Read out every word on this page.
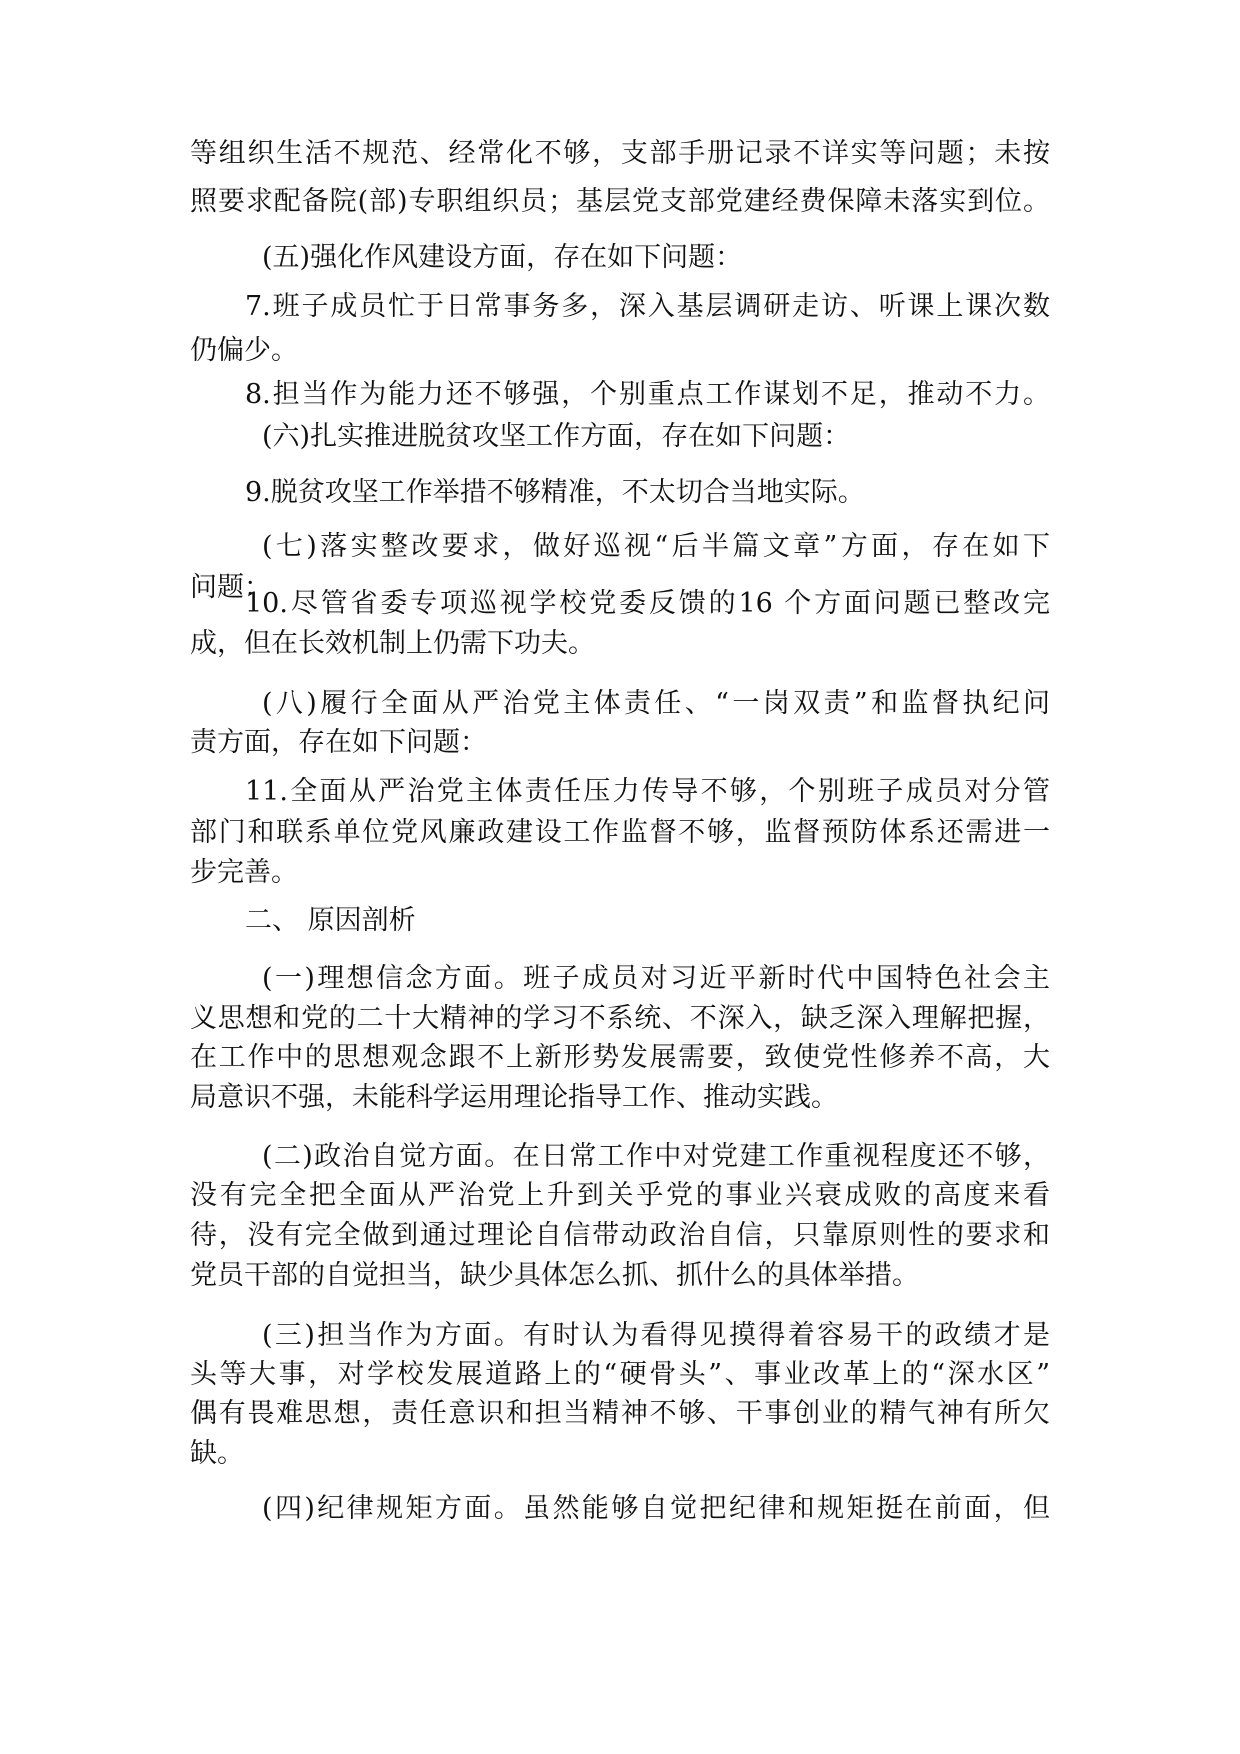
等组织生活不规范、经常化不够，支部手册记录不详实等问题；未按

照要求配备院(部)专职组织员；基层党支部党建经费保障未落实到位。

(五)强化作风建设方面，存在如下问题：

7.班子成员忙于日常事务多，深入基层调研走访、听课上课次数

仍偏少。

8.担当作为能力还不够强，个别重点工作谋划不足，推动不力。

(六)扎实推进脱贫攻坚工作方面，存在如下问题：

9.脱贫攻坚工作举措不够精准，不太切合当地实际。

(七)落实整改要求，做好巡视“后半篇文章”方面，存在如下

问题：

10.尽管省委专项巡视学校党委反馈的16 个方面问题已整改完

成，但在长效机制上仍需下功夫。

(八)履行全面从严治党主体责任、“一岗双责”和监督执纪问

责方面，存在如下问题：

11.全面从严治党主体责任压力传导不够，个别班子成员对分管

部门和联系单位党风廉政建设工作监督不够，监督预防体系还需进一

步完善。

二、 原因剖析

(一)理想信念方面。班子成员对习近平新时代中国特色社会主

义思想和党的二十大精神的学习不系统、不深入，缺乏深入理解把握，

在工作中的思想观念跟不上新形势发展需要，致使党性修养不高，大

局意识不强，未能科学运用理论指导工作、推动实践。

(二)政治自觉方面。在日常工作中对党建工作重视程度还不够，

没有完全把全面从严治党上升到关乎党的事业兴衰成败的高度来看

待，没有完全做到通过理论自信带动政治自信，只靠原则性的要求和

党员干部的自觉担当，缺少具体怎么抓、抓什么的具体举措。

(三)担当作为方面。有时认为看得见摸得着容易干的政绩才是

头等大事，对学校发展道路上的“硬骨头”、事业改革上的“深水区”

偶有畏难思想，责任意识和担当精神不够、干事创业的精气神有所欠

缺。

(四)纪律规矩方面。虽然能够自觉把纪律和规矩挺在前面，但
